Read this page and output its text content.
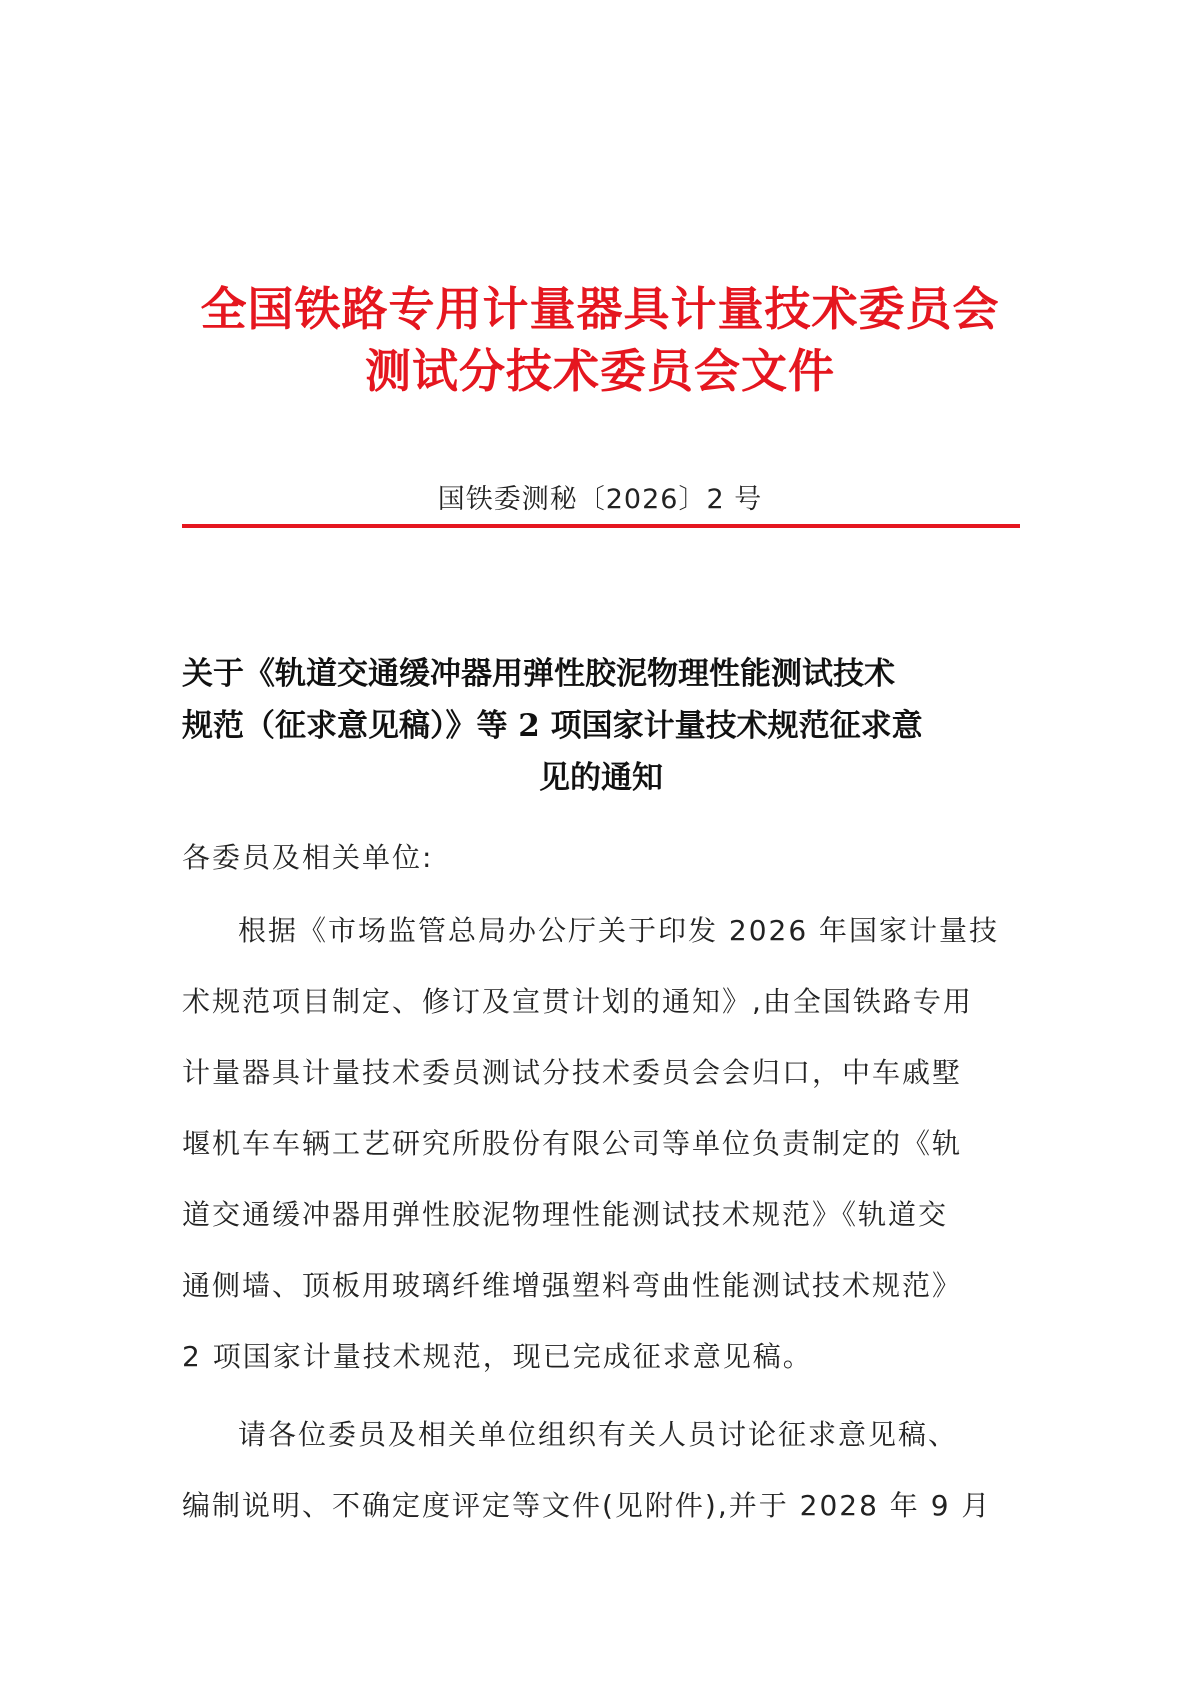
全国铁路专用计量器具计量技术委员会
测试分技术委员会文件
国铁委测秘〔2026〕2 号
关于《轨道交通缓冲器用弹性胶泥物理性能测试技术
规范（征求意见稿）》等 2 项国家计量技术规范征求意
见的通知
各委员及相关单位:
根据《市场监管总局办公厅关于印发 2026 年国家计量技
术规范项目制定、修订及宣贯计划的通知》,由全国铁路专用
计量器具计量技术委员测试分技术委员会会归口，中车戚墅
堰机车车辆工艺研究所股份有限公司等单位负责制定的《轨
道交通缓冲器用弹性胶泥物理性能测试技术规范》《轨道交
通侧墙、顶板用玻璃纤维增强塑料弯曲性能测试技术规范》
2 项国家计量技术规范，现已完成征求意见稿。
请各位委员及相关单位组织有关人员讨论征求意见稿、
编制说明、不确定度评定等文件(见附件),并于 2028 年 9 月
